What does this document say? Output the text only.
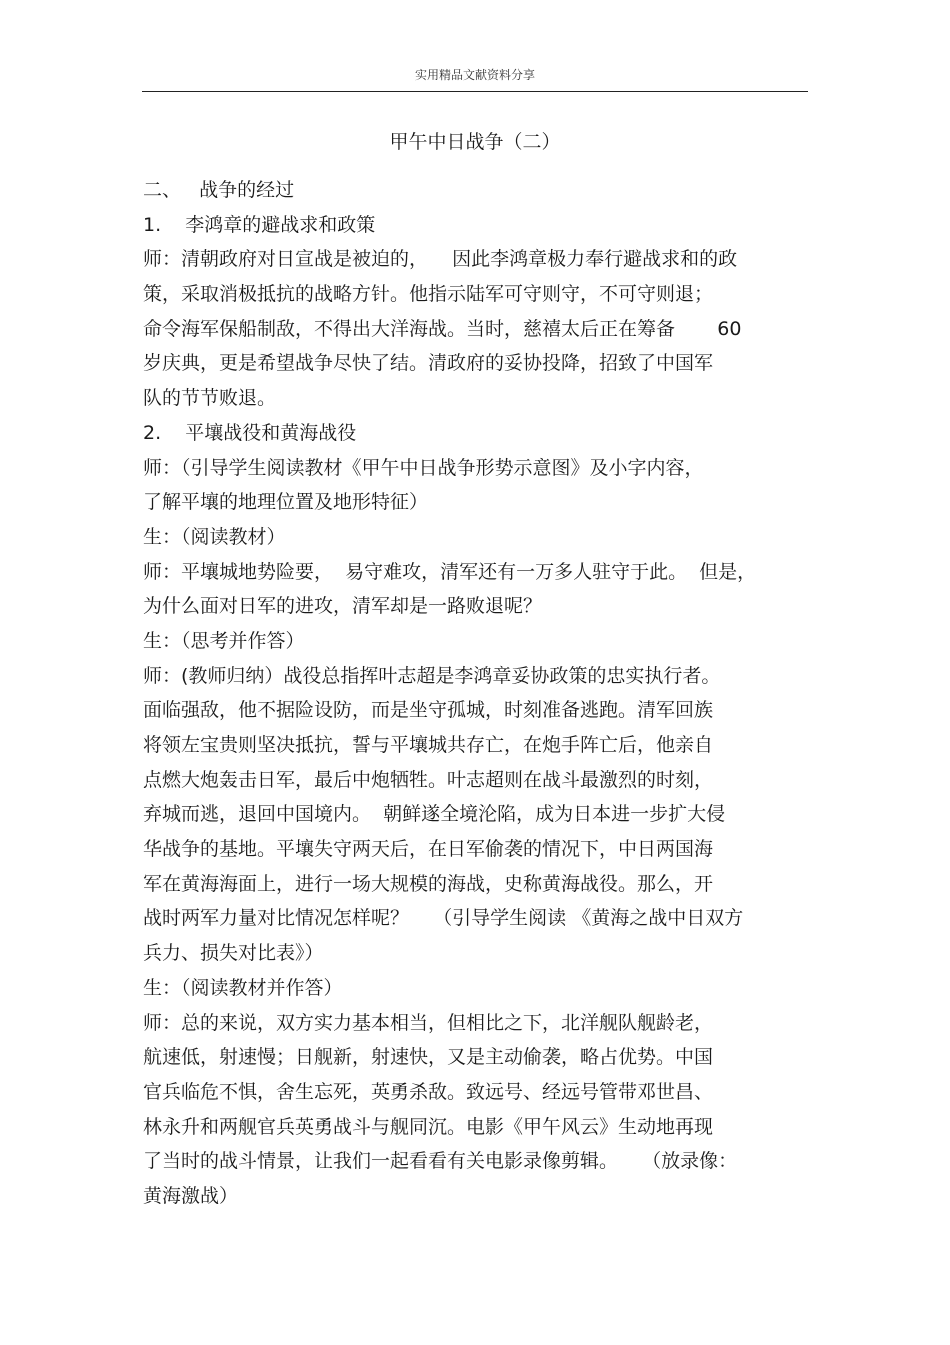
实用精品文献资料分享
甲午中日战争（二）
二、   战争的经过
1.    李鸿章的避战求和政策
师：清朝政府对日宣战是被迫的，    因此李鸿章极力奉行避战求和的政
策，采取消极抵抗的战略方针。他指示陆军可守则守，不可守则退；
命令海军保船制敌，不得出大洋海战。当时，慈禧太后正在筹备       60
岁庆典，更是希望战争尽快了结。清政府的妥协投降，招致了中国军
队的节节败退。
2.    平壤战役和黄海战役
师：（引导学生阅读教材《甲午中日战争形势示意图》及小字内容，
了解平壤的地理位置及地形特征）
生：（阅读教材）
师：平壤城地势险要，  易守难攻，清军还有一万多人驻守于此。  但是，
为什么面对日军的进攻，清军却是一路败退呢？
生：（思考并作答）
师：(教师归纳）战役总指挥叶志超是李鸿章妥协政策的忠实执行者。
面临强敌，他不据险设防，而是坐守孤城，时刻准备逃跑。清军回族
将领左宝贵则坚决抵抗，誓与平壤城共存亡，在炮手阵亡后，他亲自
点燃大炮轰击日军，最后中炮牺牲。叶志超则在战斗最激烈的时刻，
弃城而逃，退回中国境内。  朝鲜遂全境沦陷，成为日本进一步扩大侵
华战争的基地。平壤失守两天后，在日军偷袭的情况下，中日两国海
军在黄海海面上，进行一场大规模的海战，史称黄海战役。那么，开
战时两军力量对比情况怎样呢？    （引导学生阅读 《黄海之战中日双方
兵力、损失对比表》）
生：（阅读教材并作答）
师：总的来说，双方实力基本相当，但相比之下，北洋舰队舰龄老，
航速低，射速慢；日舰新，射速快，又是主动偷袭，略占优势。中国
官兵临危不惧，舍生忘死，英勇杀敌。致远号、经远号管带邓世昌、
林永升和两舰官兵英勇战斗与舰同沉。电影《甲午风云》生动地再现
了当时的战斗情景，让我们一起看看有关电影录像剪辑。    （放录像：
黄海激战）
